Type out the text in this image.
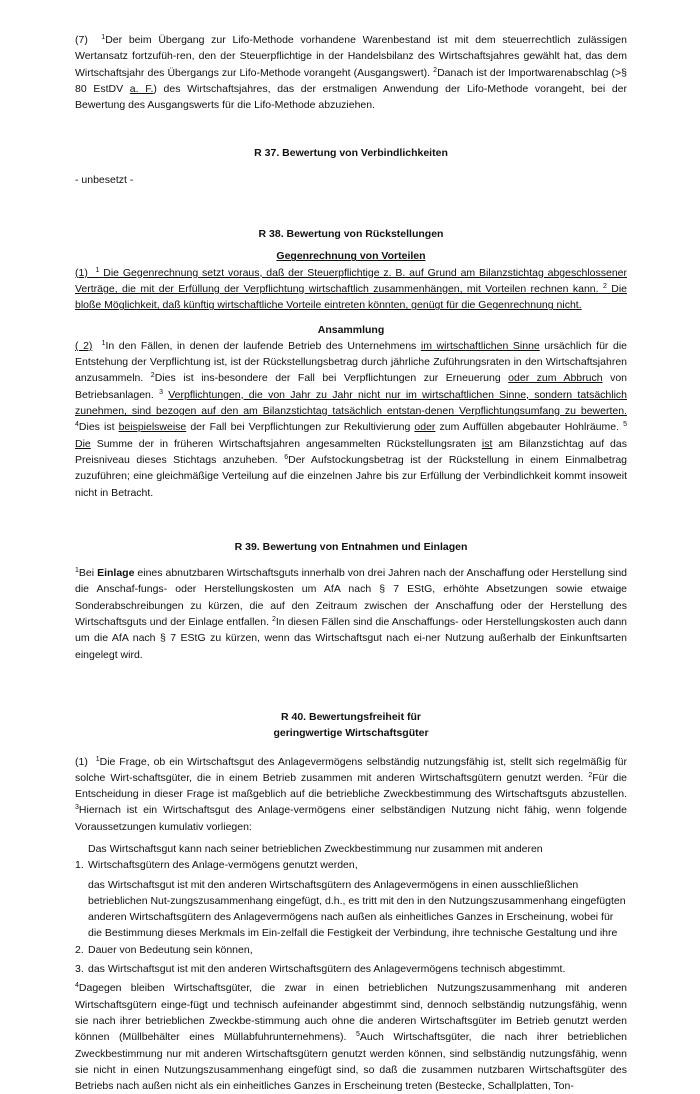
(7) $^1$Der beim Übergang zur Lifo-Methode vorhandene Warenbestand ist mit dem steuerrechtlich zulässigen Wertansatz fortzufüh-ren, den der Steuerpflichtige in der Handelsbilanz des Wirtschaftsjahres gewählt hat, das dem Wirtschaftsjahr des Übergangs zur Lifo-Methode vorangeht (Ausgangswert). $^2$Danach ist der Importwarenabschlag (>§ 80 EstDV a. F.) des Wirtschaftsjahres, das der erstmaligen Anwendung der Lifo-Methode vorangeht, bei der Bewertung des Ausgangswerts für die Lifo-Methode abzuziehen.

R 37. Bewertung von Verbindlichkeiten

- unbesetzt -

R 38. Bewertung von Rückstellungen

Gegenrechnung von Vorteilen

(1) $^1$ Die Gegenrechnung setzt voraus, daß der Steuerpflichtige z. B. auf Grund am Bilanzstichtag abgeschlossener Verträge, die mit der Erfüllung der Verpflichtung wirtschaftlich zusammenhängen, mit Vorteilen rechnen kann. $^2$ Die bloße Möglichkeit, daß künftig wirtschaftliche Vorteile eintreten könnten, genügt für die Gegenrechnung nicht.

Ansammlung

( 2) $^1$In den Fällen, in denen der laufende Betrieb des Unternehmens im wirtschaftlichen Sinne ursächlich für die Entstehung der Verpflichtung ist, ist der Rückstellungsbetrag durch jährliche Zuführungsraten in den Wirtschaftsjahren anzusammeln. $^2$Dies ist ins-besondere der Fall bei Verpflichtungen zur Erneuerung oder zum Abbruch von Betriebsanlagen. $^3$ Verpflichtungen, die von Jahr zu Jahr nicht nur im wirtschaftlichen Sinne, sondern tatsächlich zunehmen, sind bezogen auf den am Bilanzstichtag tatsächlich entstan-denen Verpflichtungsumfang zu bewerten. $^4$Dies ist beispielsweise der Fall bei Verpflichtungen zur Rekultivierung oder zum Auffüllen abgebauter Hohlräume. $^5$ Die Summe der in früheren Wirtschaftsjahren angesammelten Rückstellungsraten ist am Bilanzstichtag auf das Preisniveau dieses Stichtags anzuheben. $^6$Der Aufstockungsbetrag ist der Rückstellung in einem Einmalbetrag zuzuführen; eine gleichmäßige Verteilung auf die einzelnen Jahre bis zur Erfüllung der Verbindlichkeit kommt insoweit nicht in Betracht.

R 39. Bewertung von Entnahmen und Einlagen

$^1$Bei Einlage eines abnutzbaren Wirtschaftsguts innerhalb von drei Jahren nach der Anschaffung oder Herstellung sind die Anschaf-fungs- oder Herstellungskosten um AfA nach § 7 EStG, erhöhte Absetzungen sowie etwaige Sonderabschreibungen zu kürzen, die auf den Zeitraum zwischen der Anschaffung oder der Herstellung des Wirtschaftsguts und der Einlage entfallen. $^2$In diesen Fällen sind die Anschaffungs- oder Herstellungskosten auch dann um die AfA nach § 7 EStG zu kürzen, wenn das Wirtschaftsgut nach ei-ner Nutzung außerhalb der Einkunftsarten eingelegt wird.

R 40. Bewertungsfreiheit für

geringwertige Wirtschaftsgüter

(1) $^1$Die Frage, ob ein Wirtschaftsgut des Anlagevermögens selbständig nutzungsfähig ist, stellt sich regelmäßig für solche Wirt-schaftsgüter, die in einem Betrieb zusammen mit anderen Wirtschaftsgütern genutzt werden. $^2$Für die Entscheidung in dieser Frage ist maßgeblich auf die betriebliche Zweckbestimmung des Wirtschaftsguts abzustellen. $^3$Hiernach ist ein Wirtschaftsgut des Anlage-vermögens einer selbständigen Nutzung nicht fähig, wenn folgende Voraussetzungen kumulativ vorliegen:

1.
Das Wirtschaftsgut kann nach seiner betrieblichen Zweckbestimmung nur zusammen mit anderen Wirtschaftsgütern des Anlage-vermögens genutzt werden,
2.
das Wirtschaftsgut ist mit den anderen Wirtschaftsgütern des Anlagevermögens in einen ausschließlichen betrieblichen Nut-zungszusammenhang eingefügt, d.h., es tritt mit den in den Nutzungszusammenhang eingefügten anderen Wirtschaftsgütern des Anlagevermögens nach außen als einheitliches Ganzes in Erscheinung, wobei für die Bestimmung dieses Merkmals im Ein-zelfall die Festigkeit der Verbindung, ihre technische Gestaltung und ihre Dauer von Bedeutung sein können,
3. das Wirtschaftsgut ist mit den anderen Wirtschaftsgütern des Anlagevermögens technisch abgestimmt.

$^4$Dagegen bleiben Wirtschaftsgüter, die zwar in einen betrieblichen Nutzungszusammenhang mit anderen Wirtschaftsgütern einge-fügt und technisch aufeinander abgestimmt sind, dennoch selbständig nutzungsfähig, wenn sie nach ihrer betrieblichen Zweckbe-stimmung auch ohne die anderen Wirtschaftsgüter im Betrieb genutzt werden können (Müllbehälter eines Müllabfuhrunternehmens). $^5$Auch Wirtschaftsgüter, die nach ihrer betrieblichen Zweckbestimmung nur mit anderen Wirtschaftsgütern genutzt werden können, sind selbständig nutzungsfähig, wenn sie nicht in einen Nutzungszusammenhang eingefügt sind, so daß die zusammen nutzbaren Wirtschaftsgüter des Betriebs nach außen nicht als ein einheitliches Ganzes in Erscheinung treten (Bestecke, Schallplatten, Ton-
